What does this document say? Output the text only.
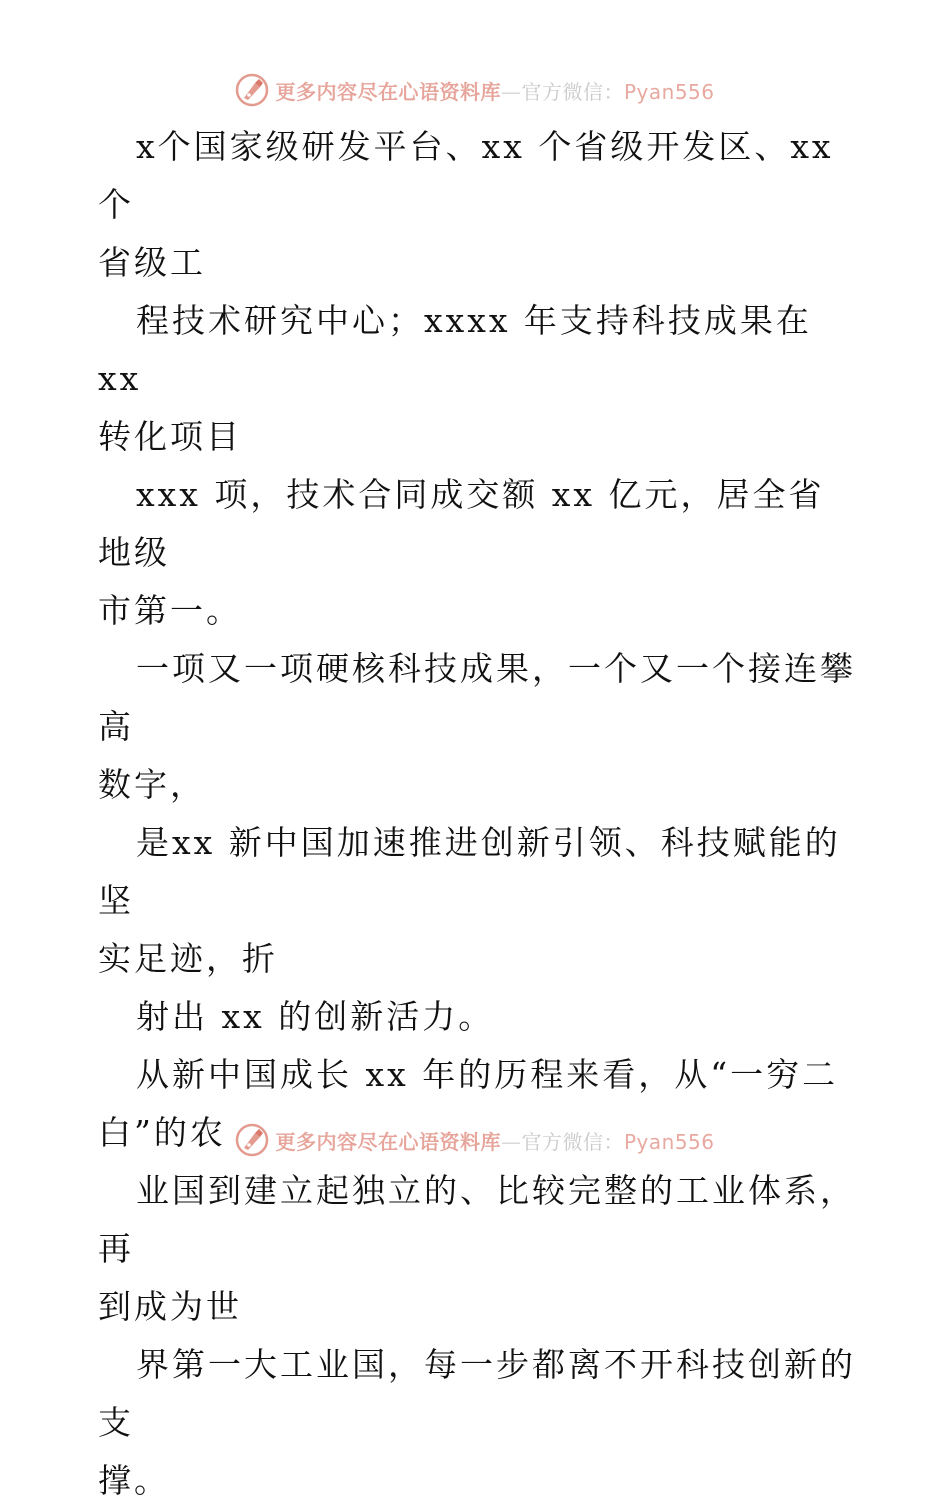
更多内容尽在心语资料库—官方微信：Pyan556

x个国家级研发平台、xx 个省级开发区、xx 个
省级工

程技术研究中心；xxxx 年支持科技成果在 xx
转化项目

xxx 项，技术合同成交额 xx 亿元，居全省地级
市第一。

一项又一项硬核科技成果，一个又一个接连攀高
数字，

是xx 新中国加速推进创新引领、科技赋能的坚
实足迹，折

射出 xx 的创新活力。

从新中国成长 xx 年的历程来看，从“一穷二
白”的农

业国到建立起独立的、比较完整的工业体系，再
到成为世

界第一大工业国，每一步都离不开科技创新的支
撑。

更多内容尽在心语资料库—官方微信：Pyan556
